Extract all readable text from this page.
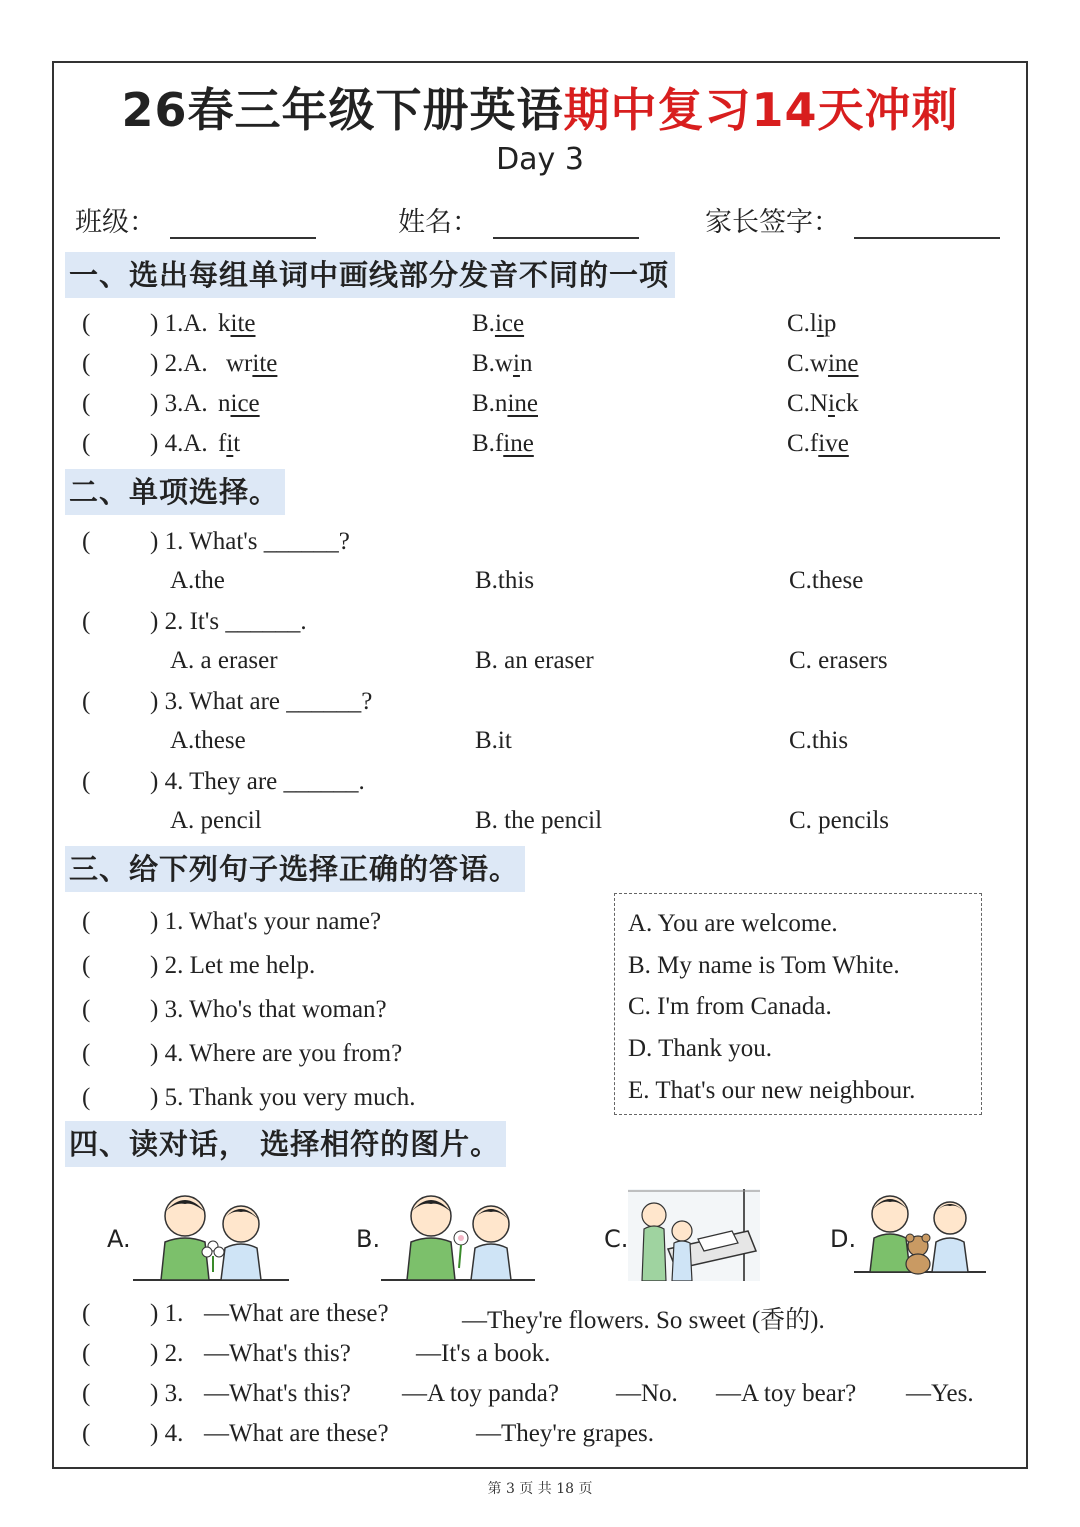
26春三年级下册英语期中复习14天冲刺
Day 3
班级：	姓名：	家长签字：
一、选出每组单词中画线部分发音不同的一项
( ) 1.A. kite	B.ice	C.lip
( ) 2.A. write	B.win	C.wine
( ) 3.A. nice	B.nine	C.Nick
( ) 4.A. fit	B.fine	C.five
二、单项选择。
( ) 1. What's ______?
A.the	B.this	C.these
( ) 2. It's ______.
A. a eraser	B. an eraser	C. erasers
( ) 3. What are ______?
A.these	B.it	C.this
( ) 4. They are ______.
A. pencil	B. the pencil	C. pencils
三、给下列句子选择正确的答语。
( ) 1. What's your name?
( ) 2. Let me help.
( ) 3. Who's that woman?
( ) 4. Where are you from?
( ) 5. Thank you very much.
A. You are welcome.
B. My name is Tom White.
C. I'm from Canada.
D. Thank you.
E. That's our new neighbour.
四、读对话， 选择相符的图片。
A.	B.	C.	D.
( ) 1. —What are these?	—They're flowers. So sweet (香的).
( ) 2. —What's this?	—It's a book.
( ) 3. —What's this? —A toy panda? —No. —A toy bear? —Yes.
( ) 4. —What are these?	—They're grapes.
第 3 页 共 18 页
